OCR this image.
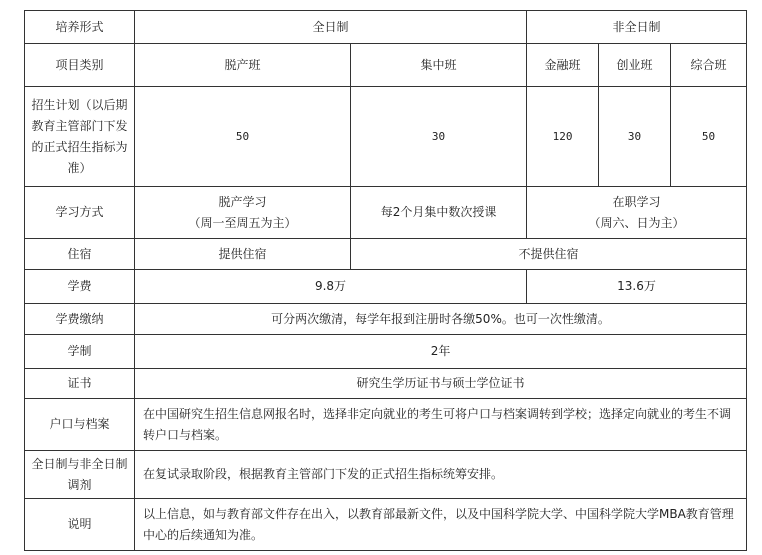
培养形式	全日制		非全日制		
项目类别	脱产班	集中班	金融班	创业班	综合班

招生计划（以后期
教育主管部门下发
的正式招生指标为
准）	50	30	120	30	50
学习方式	脱产学习
（周一至周五为主）	每2个月集中数次授课	在职学习
（周六、日为主）		

住宿	提供住宿	不提供住宿			
学费	9.8万		13.6万		
学费缴纳	可分两次缴清，每学年报到注册时各缴50%。也可一次性缴清。				
学制	2年				
证书	研究生学历证书与硕士学位证书				
户口与档案	在中国研究生招生信息网报名时，选择非定向就业的考生可将户口与档案调转到学校；选择定向就业的考生不调转户口与档案。				

全日制与非全日制
调剂	在复试录取阶段，根据教育主管部门下发的正式招生指标统筹安排。				
说明	以上信息，如与教育部文件存在出入，以教育部最新文件，以及中国科学院大学、中国科学院大学MBA教育管理中心的后续通知为准。				
